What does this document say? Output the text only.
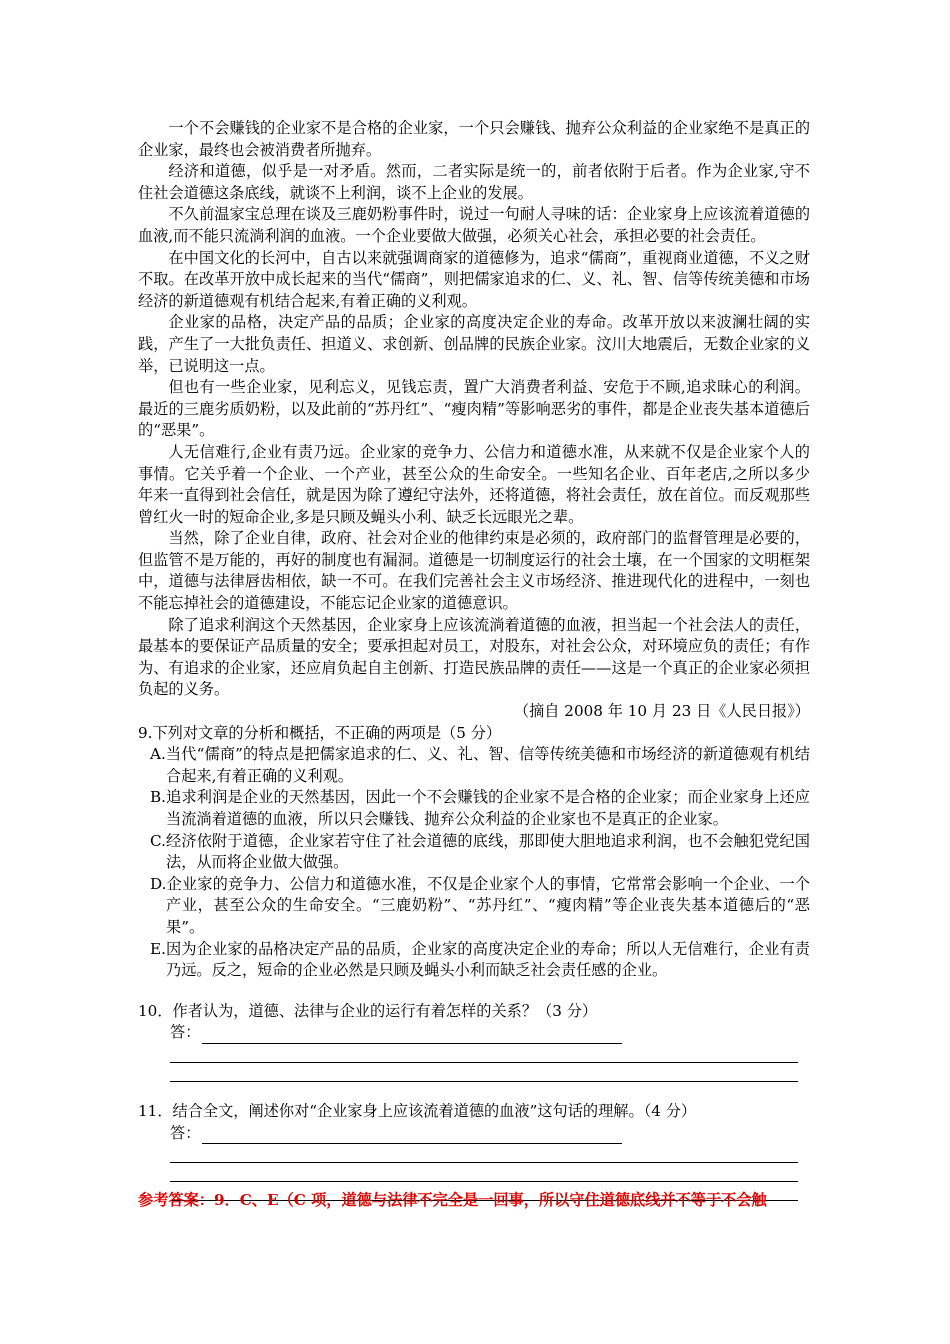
一个不会赚钱的企业家不是合格的企业家，一个只会赚钱、抛弃公众利益的企业家绝不是真正的企业家，最终也会被消费者所抛弃。

经济和道德，似乎是一对矛盾。然而，二者实际是统一的，前者依附于后者。作为企业家,守不住社会道德这条底线，就谈不上利润，谈不上企业的发展。

不久前温家宝总理在谈及三鹿奶粉事件时，说过一句耐人寻味的话：企业家身上应该流着道德的血液,而不能只流淌利润的血液。一个企业要做大做强，必须关心社会，承担必要的社会责任。

在中国文化的长河中，自古以来就强调商家的道德修为，追求“儒商”，重视商业道德，不义之财不取。在改革开放中成长起来的当代“儒商”，则把儒家追求的仁、义、礼、智、信等传统美德和市场经济的新道德观有机结合起来,有着正确的义利观。

企业家的品格，决定产品的品质；企业家的高度决定企业的寿命。改革开放以来波澜壮阔的实践，产生了一大批负责任、担道义、求创新、创品牌的民族企业家。汶川大地震后，无数企业家的义举，已说明这一点。

但也有一些企业家，见利忘义，见钱忘责，置广大消费者利益、安危于不顾,追求昧心的利润。最近的三鹿劣质奶粉，以及此前的“苏丹红”、“瘦肉精”等影响恶劣的事件，都是企业丧失基本道德后的“恶果”。

人无信难行,企业有责乃远。企业家的竞争力、公信力和道德水准，从来就不仅是企业家个人的事情。它关乎着一个企业、一个产业，甚至公众的生命安全。一些知名企业、百年老店,之所以多少年来一直得到社会信任，就是因为除了遵纪守法外，还将道德，将社会责任，放在首位。而反观那些曾红火一时的短命企业,多是只顾及蝇头小利、缺乏长远眼光之辈。

当然，除了企业自律，政府、社会对企业的他律约束是必须的，政府部门的监督管理是必要的，但监管不是万能的，再好的制度也有漏洞。道德是一切制度运行的社会土壤，在一个国家的文明框架中，道德与法律唇齿相依，缺一不可。在我们完善社会主义市场经济、推进现代化的进程中，一刻也不能忘掉社会的道德建设，不能忘记企业家的道德意识。

除了追求利润这个天然基因，企业家身上应该流淌着道德的血液，担当起一个社会法人的责任，最基本的要保证产品质量的安全；要承担起对员工，对股东，对社会公众，对环境应负的责任；有作为、有追求的企业家，还应肩负起自主创新、打造民族品牌的责任——这是一个真正的企业家必须担负起的义务。

（摘自 2008 年 10 月 23 日《人民日报》）

9.下列对文章的分析和概括，不正确的两项是（5 分）

A.当代“儒商”的特点是把儒家追求的仁、义、礼、智、信等传统美德和市场经济的新道德观有机结合起来,有着正确的义利观。

B.追求利润是企业的天然基因，因此一个不会赚钱的企业家不是合格的企业家；而企业家身上还应当流淌着道德的血液，所以只会赚钱、抛弃公众利益的企业家也不是真正的企业家。

C.经济依附于道德，企业家若守住了社会道德的底线，那即使大胆地追求利润，也不会触犯党纪国法，从而将企业做大做强。

D.企业家的竞争力、公信力和道德水准，不仅是企业家个人的事情，它常常会影响一个企业、一个产业，甚至公众的生命安全。“三鹿奶粉”、“苏丹红”、“瘦肉精”等企业丧失基本道德后的“恶果”。

E.因为企业家的品格决定产品的品质，企业家的高度决定企业的寿命；所以人无信难行，企业有责乃远。反之，短命的企业必然是只顾及蝇头小利而缺乏社会责任感的企业。

10．作者认为，道德、法律与企业的运行有着怎样的关系？（3 分）

答：

11．结合全文，阐述你对“企业家身上应该流着道德的血液”这句话的理解。（4 分）

答：
参考答案：9．C、E（C 项，道德与法律不完全是一回事，所以守住道德底线并不等于不会触
